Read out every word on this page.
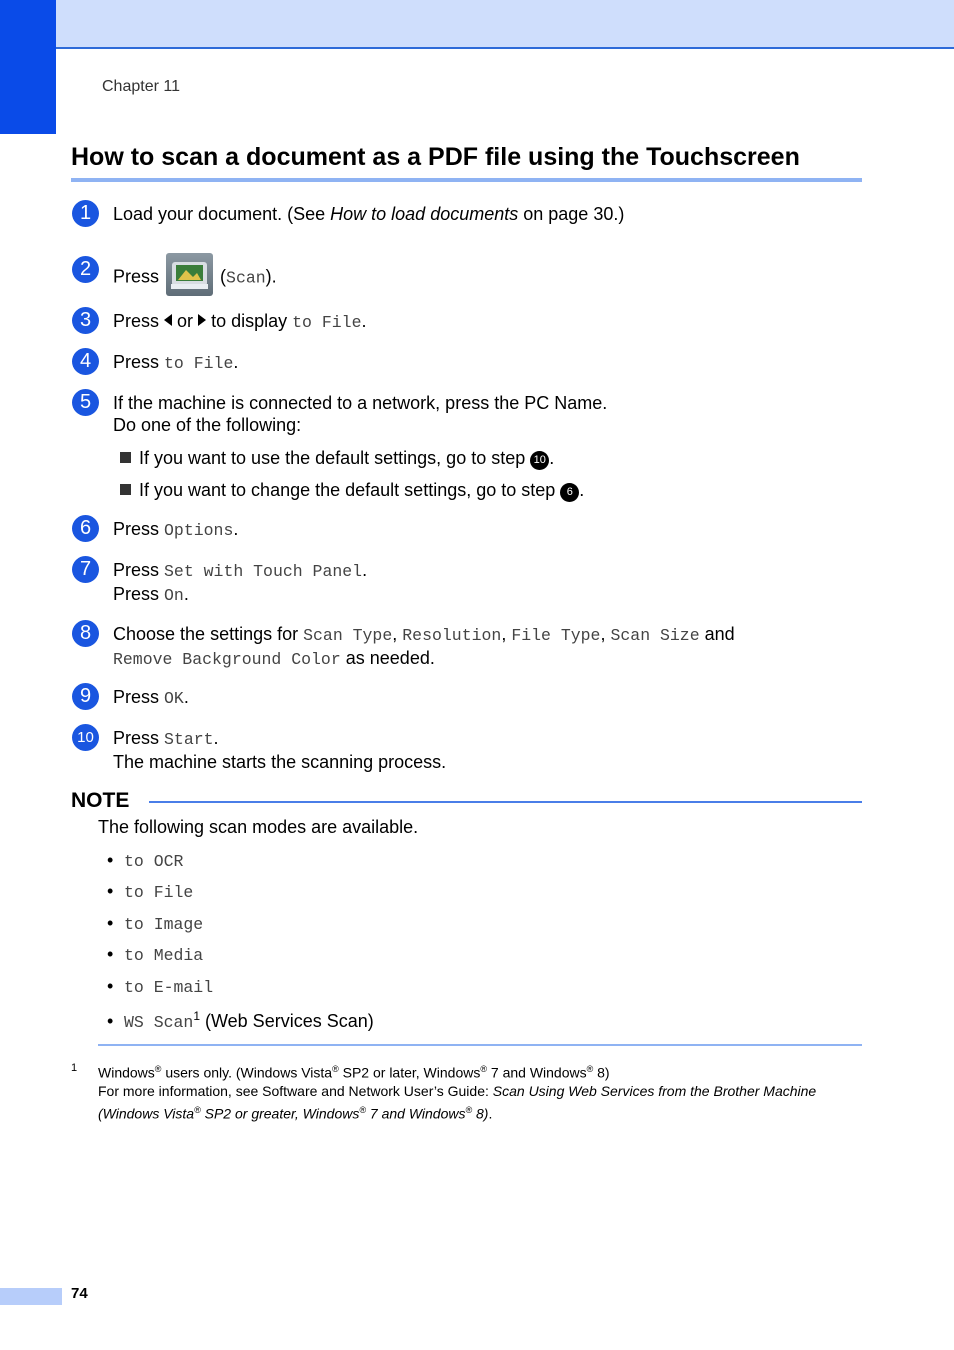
Chapter 11
How to scan a document as a PDF file using the Touchscreen
1	Load your document. (See How to load documents on page 30.)
2	Press	(Scan).
3	Press or to display to File.
4	Press to File.
5	If the machine is connected to a network, press the PC Name.
Do one of the following:
If you want to use the default settings, go to step 10 .
If you want to change the default settings, go to step 6 .
6	Press Options.
7	Press Set with Touch Panel.
Press On.
8	Choose the settings for Scan Type, Resolution, File Type, Scan Size and
Remove Background Color as needed.
9	Press OK.
10 Press Start.
The machine starts the scanning process.
NOTE
The following scan modes are available.
• to OCR
• to File
• to Image
• to Media
• to E-mail
• WS Scan$^1$ (Web Services Scan)
1 Windows® users only. (Windows Vista® SP2 or later, Windows® 7 and Windows® 8)
For more information, see Software and Network User’s Guide: Scan Using Web Services from the Brother Machine
(Windows Vista® SP2 or greater, Windows® 7 and Windows® 8).
74
